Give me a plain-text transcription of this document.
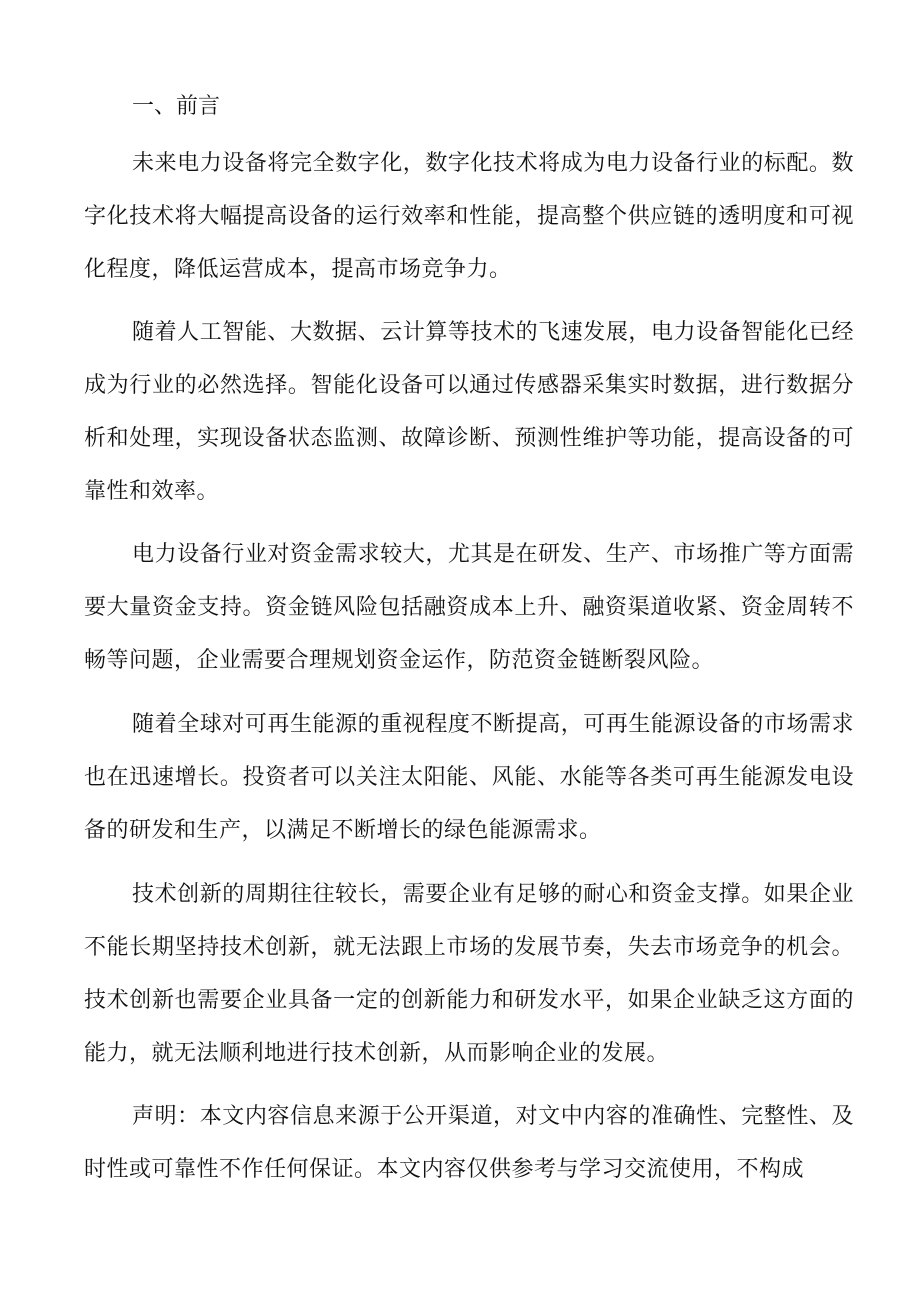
一、前言

未来电力设备将完全数字化，数字化技术将成为电力设备行业的标配。数字化技术将大幅提高设备的运行效率和性能，提高整个供应链的透明度和可视化程度，降低运营成本，提高市场竞争力。

随着人工智能、大数据、云计算等技术的飞速发展，电力设备智能化已经成为行业的必然选择。智能化设备可以通过传感器采集实时数据，进行数据分析和处理，实现设备状态监测、故障诊断、预测性维护等功能，提高设备的可靠性和效率。

电力设备行业对资金需求较大，尤其是在研发、生产、市场推广等方面需要大量资金支持。资金链风险包括融资成本上升、融资渠道收紧、资金周转不畅等问题，企业需要合理规划资金运作，防范资金链断裂风险。

随着全球对可再生能源的重视程度不断提高，可再生能源设备的市场需求也在迅速增长。投资者可以关注太阳能、风能、水能等各类可再生能源发电设备的研发和生产，以满足不断增长的绿色能源需求。

技术创新的周期往往较长，需要企业有足够的耐心和资金支撑。如果企业不能长期坚持技术创新，就无法跟上市场的发展节奏，失去市场竞争的机会。技术创新也需要企业具备一定的创新能力和研发水平，如果企业缺乏这方面的能力，就无法顺利地进行技术创新，从而影响企业的发展。

声明：本文内容信息来源于公开渠道，对文中内容的准确性、完整性、及时性或可靠性不作任何保证。本文内容仅供参考与学习交流使用，不构成
